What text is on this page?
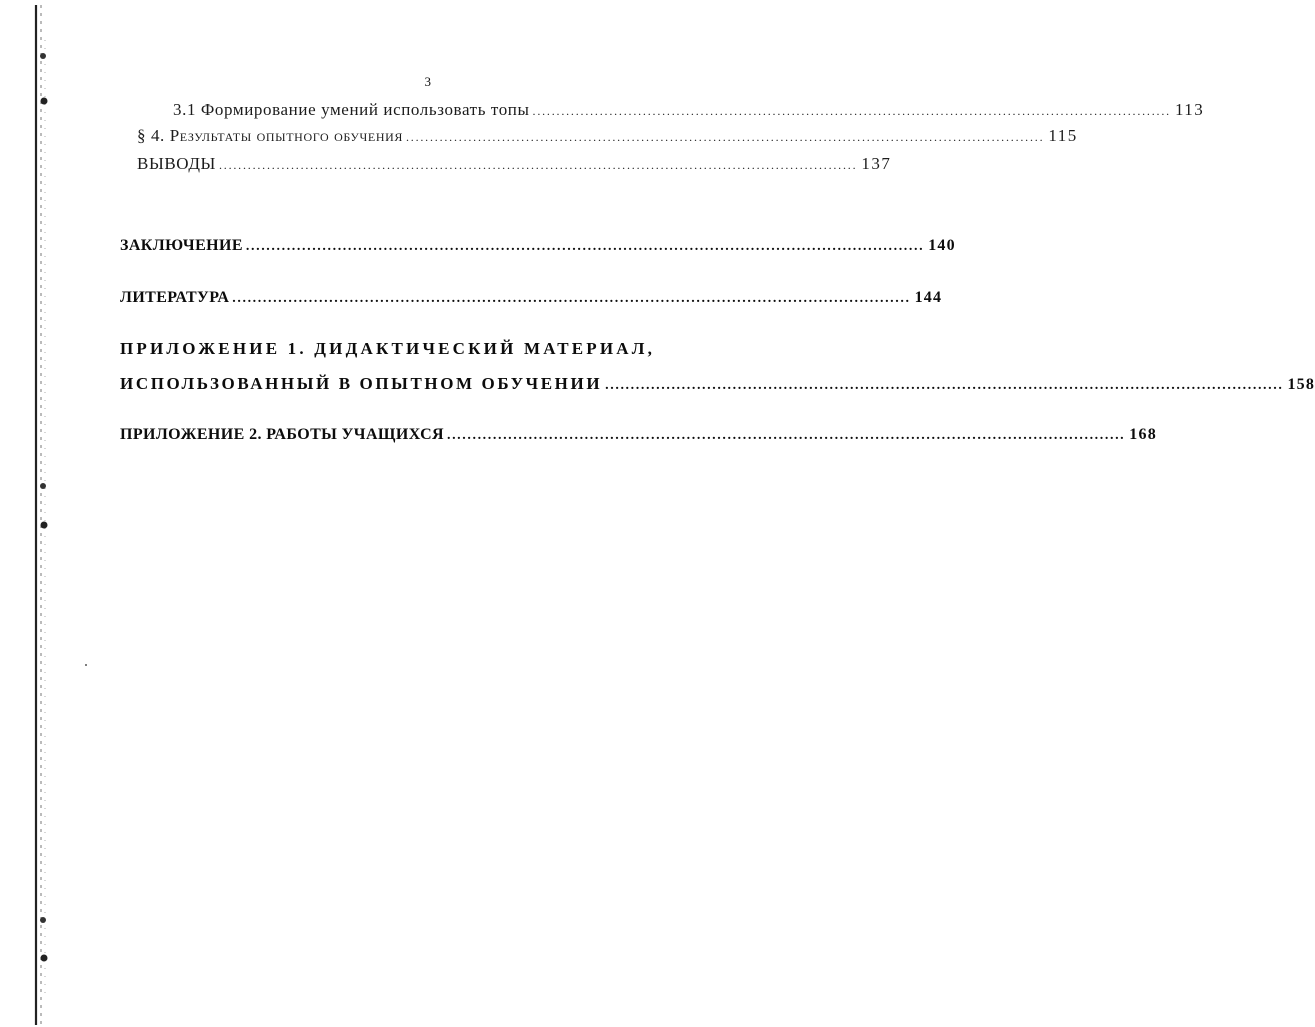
3
3.1 Формирование умений использовать топы ..................................................................................................................................... 113
§ 4. Результаты опытного обучения ..................................................................................................................................... 115
ВЫВОДЫ ..................................................................................................................................... 137
ЗАКЛЮЧЕНИЕ ..................................................................................................................................... 140
ЛИТЕРАТУРА ..................................................................................................................................... 144
ПРИЛОЖЕНИЕ 1. ДИДАКТИЧЕСКИЙ МАТЕРИАЛ,
ИСПОЛЬЗОВАННЫЙ В ОПЫТНОМ ОБУЧЕНИИ ..................................................................................................................................... 158
ПРИЛОЖЕНИЕ 2. РАБОТЫ УЧАЩИХСЯ ..................................................................................................................................... 168
